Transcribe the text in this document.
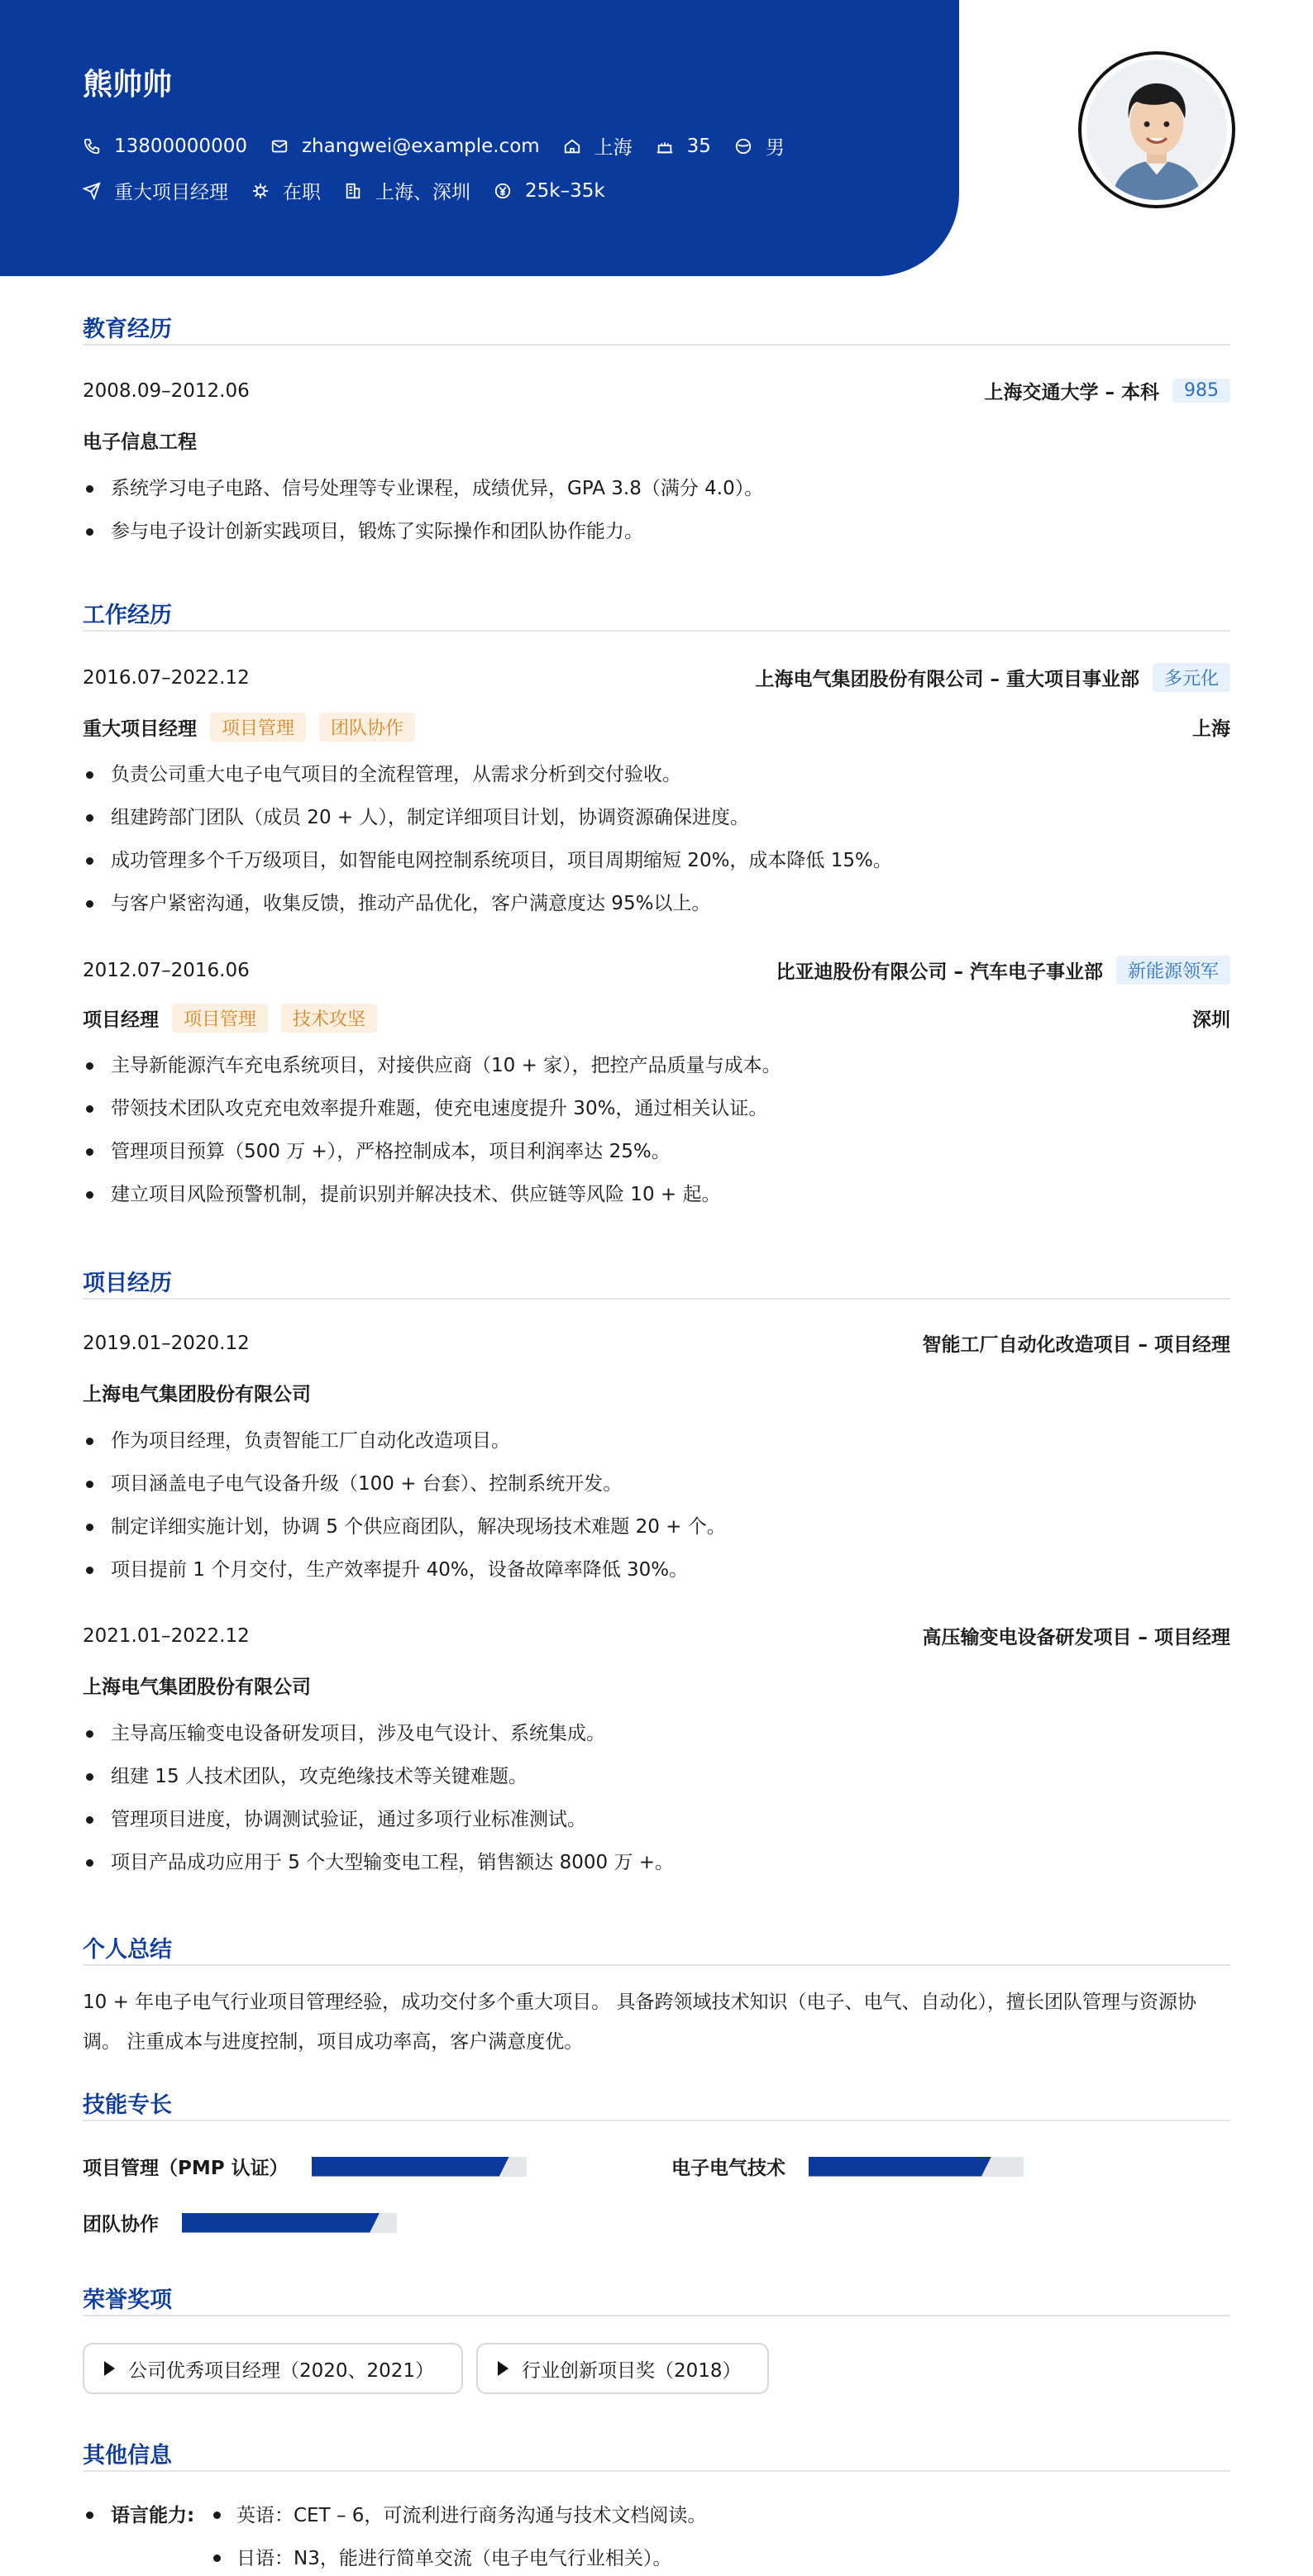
熊帅帅
13800000000	zhangwei@example.com	上海	35	男
重大项目经理	在职	上海、深圳	25k–35k
教育经历
2008.09–2012.06	上海交通大学 – 本科	985
电子信息工程
系统学习电子电路、信号处理等专业课程，成绩优异，GPA 3.8（满分 4.0）。
参与电子设计创新实践项目，锻炼了实际操作和团队协作能力。
工作经历
2016.07–2022.12	上海电气集团股份有限公司 – 重大项目事业部	多元化
重大项目经理	项目管理	团队协作	上海
负责公司重大电子电气项目的全流程管理，从需求分析到交付验收。
组建跨部门团队（成员 20 + 人），制定详细项目计划，协调资源确保进度。
成功管理多个千万级项目，如智能电网控制系统项目，项目周期缩短 20%，成本降低 15%。
与客户紧密沟通，收集反馈，推动产品优化，客户满意度达 95%以上。
2012.07–2016.06	比亚迪股份有限公司 – 汽车电子事业部	新能源领军
项目经理	项目管理	技术攻坚	深圳
主导新能源汽车充电系统项目，对接供应商（10 + 家），把控产品质量与成本。
带领技术团队攻克充电效率提升难题，使充电速度提升 30%，通过相关认证。
管理项目预算（500 万 +），严格控制成本，项目利润率达 25%。
建立项目风险预警机制，提前识别并解决技术、供应链等风险 10 + 起。
项目经历
2019.01–2020.12	智能工厂自动化改造项目 – 项目经理
上海电气集团股份有限公司
作为项目经理，负责智能工厂自动化改造项目。
项目涵盖电子电气设备升级（100 + 台套）、控制系统开发。
制定详细实施计划，协调 5 个供应商团队，解决现场技术难题 20 + 个。
项目提前 1 个月交付，生产效率提升 40%，设备故障率降低 30%。
2021.01–2022.12	高压输变电设备研发项目 – 项目经理
上海电气集团股份有限公司
主导高压输变电设备研发项目，涉及电气设计、系统集成。
组建 15 人技术团队，攻克绝缘技术等关键难题。
管理项目进度，协调测试验证，通过多项行业标准测试。
项目产品成功应用于 5 个大型输变电工程，销售额达 8000 万 +。
个人总结
10 + 年电子电气行业项目管理经验，成功交付多个重大项目。 具备跨领域技术知识（电子、电气、自动化），擅长团队管理与资源协调。 注重成本与进度控制，项目成功率高，客户满意度优。
技能专长
项目管理（PMP 认证）	电子电气技术
团队协作
荣誉奖项
公司优秀项目经理（2020、2021）	行业创新项目奖（2018）
其他信息
语言能力: 英语：CET – 6，可流利进行商务沟通与技术文档阅读。
日语：N3，能进行简单交流（电子电气行业相关）。
